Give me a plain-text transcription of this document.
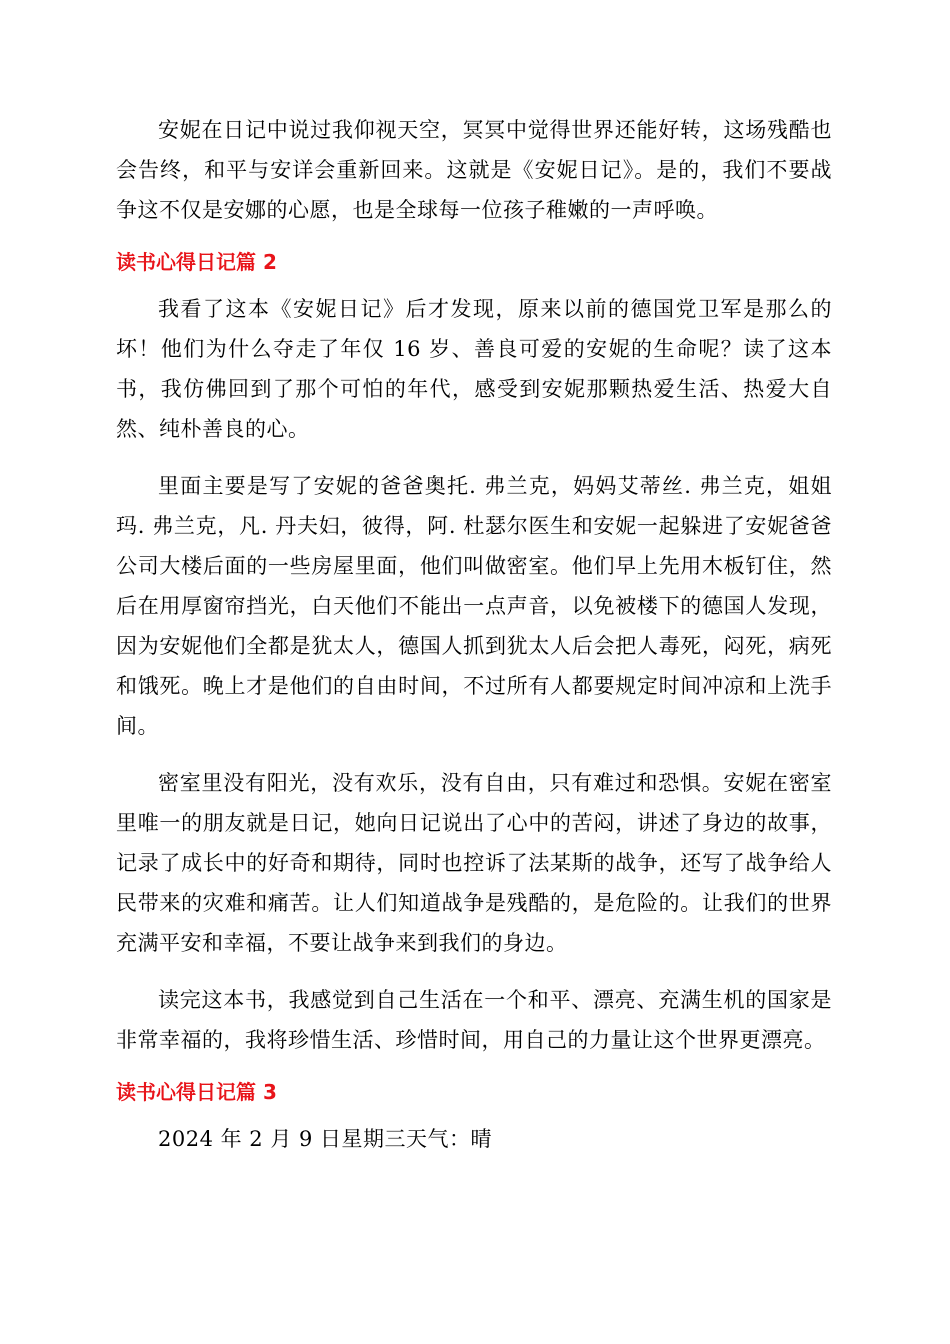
安妮在日记中说过我仰视天空，冥冥中觉得世界还能好转，这场残酷也会告终，和平与安详会重新回来。这就是《安妮日记》。是的，我们不要战争这不仅是安娜的心愿，也是全球每一位孩子稚嫩的一声呼唤。

读书心得日记篇 2

我看了这本《安妮日记》后才发现，原来以前的德国党卫军是那么的坏！他们为什么夺走了年仅 16 岁、善良可爱的安妮的生命呢？读了这本书，我仿佛回到了那个可怕的年代，感受到安妮那颗热爱生活、热爱大自然、纯朴善良的心。

里面主要是写了安妮的爸爸奥托. 弗兰克，妈妈艾蒂丝. 弗兰克，姐姐玛. 弗兰克，凡. 丹夫妇，彼得，阿. 杜瑟尔医生和安妮一起躲进了安妮爸爸公司大楼后面的一些房屋里面，他们叫做密室。他们早上先用木板钉住，然后在用厚窗帘挡光，白天他们不能出一点声音，以免被楼下的德国人发现，因为安妮他们全都是犹太人，德国人抓到犹太人后会把人毒死，闷死，病死和饿死。晚上才是他们的自由时间，不过所有人都要规定时间冲凉和上洗手间。

密室里没有阳光，没有欢乐，没有自由，只有难过和恐惧。安妮在密室里唯一的朋友就是日记，她向日记说出了心中的苦闷，讲述了身边的故事，记录了成长中的好奇和期待，同时也控诉了法某斯的战争，还写了战争给人民带来的灾难和痛苦。让人们知道战争是残酷的，是危险的。让我们的世界充满平安和幸福，不要让战争来到我们的身边。

读完这本书，我感觉到自己生活在一个和平、漂亮、充满生机的国家是非常幸福的，我将珍惜生活、珍惜时间，用自己的力量让这个世界更漂亮。

读书心得日记篇 3

2024 年 2 月 9 日星期三天气：晴
